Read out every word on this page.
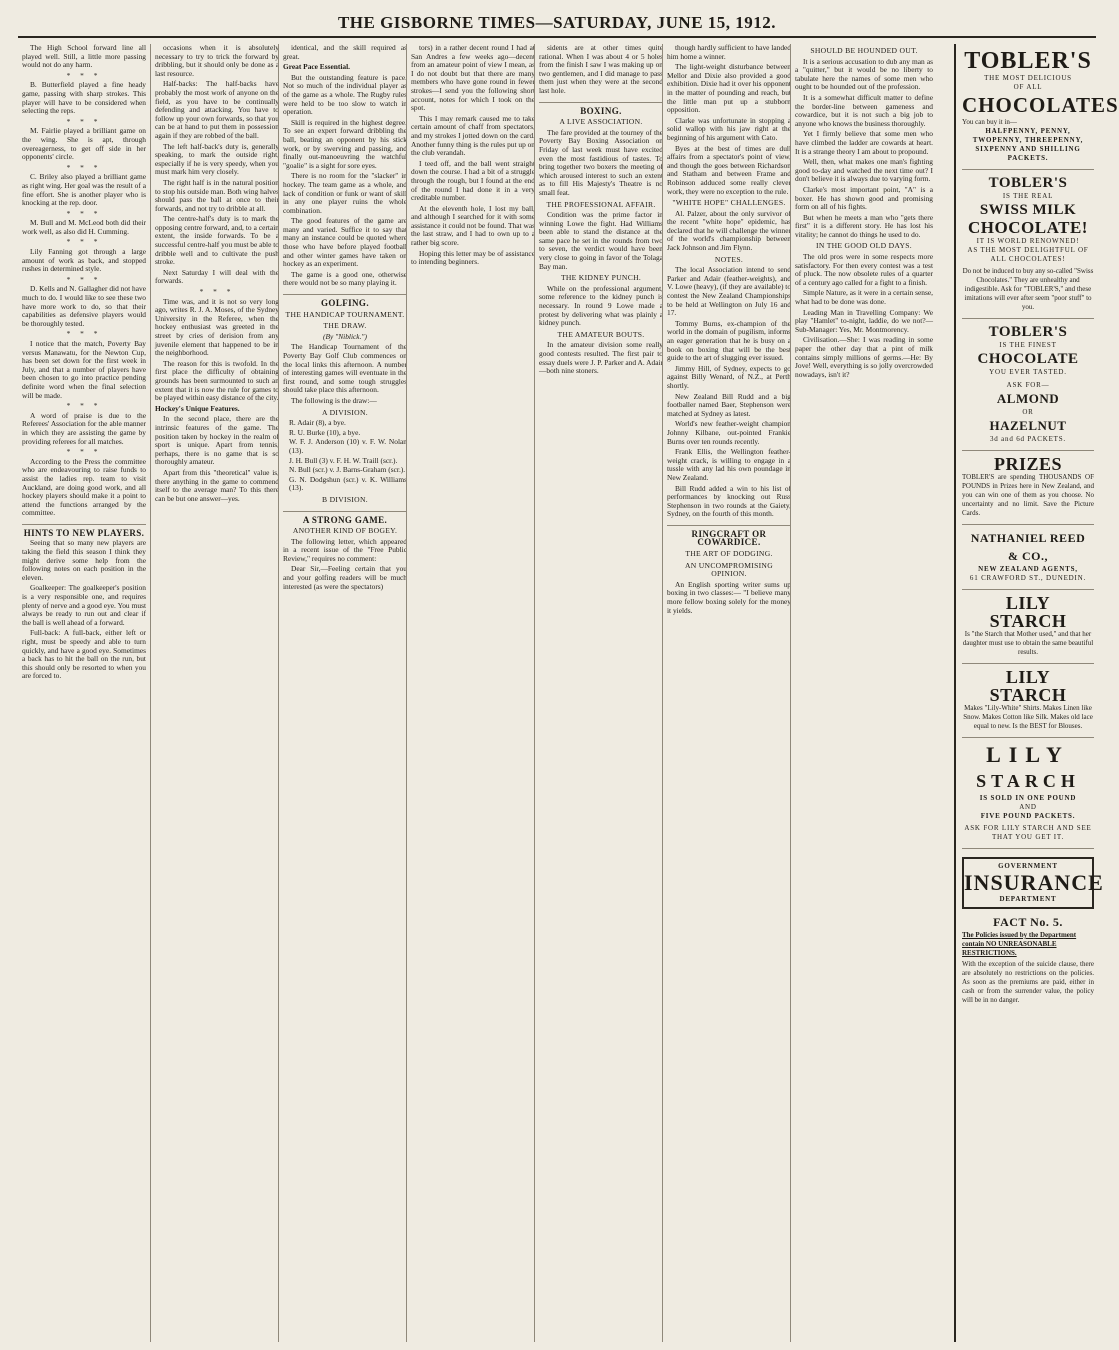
THE GISBORNE TIMES—SATURDAY, JUNE 15, 1912.

The High School forward line all played well. Still, a little more passing would not do any harm.

* * *

B. Butterfield played a fine heady game, passing with sharp strokes. This player will have to be considered when selecting the reps.

* * *

M. Fairlie played a brilliant game on the wing. She is apt, through overeagerness, to get off side in her opponents' circle.

* * *

C. Briley also played a brilliant game as right wing. Her goal was the result of a fine effort. She is another player who is knocking at the rep. door.

* * *

M. Bull and M. McLeod both did their work well, as also did H. Cumming.

* * *

Lily Fanning got through a large amount of work as back, and stopped rushes in determined style.

* * *

D. Kells and N. Gallagher did not have much to do. I would like to see these two have more work to do, so that their capabilities as defensive players would be thoroughly tested.

* * *

I notice that the match, Poverty Bay versus Manawatu, for the Newton Cup, has been set down for the first week in July, and that a number of players have been chosen to go into practice pending definite word when the final selection will be made.

* * *

A word of praise is due to the Referees' Association for the able manner in which they are assisting the game by providing referees for all matches.

* * *

According to the Press the committee who are endeavouring to raise funds to assist the ladies rep. team to visit Auckland, are doing good work, and all hockey players should make it a point to attend the functions arranged by the committee.

HINTS TO NEW PLAYERS.

Seeing that so many new players are taking the field this season I think they might derive some help from the following notes on each position in the eleven.

Goalkeeper: The goalkeeper's position is a very responsible one, and requires plenty of nerve and a good eye. You must always be ready to run out and clear if the ball is well ahead of a forward.

Full-back: A full-back, either left or right, must be speedy and able to turn quickly, and have a good eye. Sometimes a back has to hit the ball on the run, but this should only be resorted to when you are forced to.

occasions when it is absolutely necessary to try to trick the forward by dribbling, but it should only be done as a last resource.

Half-backs: The half-backs have probably the most work of anyone on the field, as you have to be continually defending and attacking. You have to follow up your own forwards, so that you can be at hand to put them in possession again if they are robbed of the ball.

The left half-back's duty is, generally speaking, to mark the outside right, especially if he is very speedy, when you must mark him very closely.

The right half is in the natural position to stop his outside man. Both wing halves should pass the ball at once to their forwards, and not try to dribble at all.

The centre-half's duty is to mark the opposing centre forward, and, to a certain extent, the inside forwards. To be a successful centre-half you must be able to dribble well and to cultivate the push stroke.

Next Saturday I will deal with the forwards.

* * *

Time was, and it is not so very long ago, writes R. J. A. Moses, of the Sydney University in the Referee, when the hockey enthusiast was greeted in the street by cries of derision from any juvenile element that happened to be in the neighborhood.

The reason for this is twofold. In the first place the difficulty of obtaining grounds has been surmounted to such an extent that it is now the rule for games to be played within easy distance of the city.

Hockey's Unique Features.

In the second place, there are the intrinsic features of the game. The position taken by hockey in the realm of sport is unique. Apart from tennis, perhaps, there is no game that is so thoroughly amateur.

Apart from this "theoretical" value is, there anything in the game to commend itself to the average man? To this there can be but one answer—yes.

identical, and the skill required as great.

Great Pace Essential.

But the outstanding feature is pace. Not so much of the individual player as of the game as a whole. The Rugby rules were held to be too slow to watch in operation.

Skill is required in the highest degree. To see an expert forward dribbling the ball, beating an opponent by his stick work, or by swerving and passing, and finally out-manoeuvring the watchful "goalie" is a sight for sore eyes.

There is no room for the "slacker" in hockey. The team game as a whole, and lack of condition or funk or want of skill in any one player ruins the whole combination.

The good features of the game are many and varied. Suffice it to say that many an instance could be quoted where those who have before played football and other winter games have taken on hockey as an experiment.

The game is a good one, otherwise there would not be so many playing it.

GOLFING.
THE HANDICAP TOURNAMENT.
THE DRAW.

(By "Niblick.")

The Handicap Tournament of the Poverty Bay Golf Club commences on the local links this afternoon. A number of interesting games will eventuate in the first round, and some tough struggles should take place this afternoon.

The following is the draw:—

A DIVISION.

R. Adair (8), a bye.

R. U. Burke (10), a bye.

W. F. J. Anderson (10) v. F. W. Nolan (13).

J. H. Bull (3) v. F. H. W. Traill (scr.).

N. Bull (scr.) v. J. Barns-Graham (scr.).

G. N. Dodgshun (scr.) v. K. Williams (13).

B DIVISION.
A STRONG GAME.
ANOTHER KIND OF BOGEY.

The following letter, which appeared in a recent issue of the "Free Public Review," requires no comment:

Dear Sir,—Feeling certain that you and your golfing readers will be much interested (as were the spectators)

tors) in a rather decent round I had at San Andres a few weeks ago—decent from an amateur point of view I mean, as I do not doubt but that there are many members who have gone round in fewer strokes—I send you the following short account, notes for which I took on the spot.

This I may remark caused me to take certain amount of chaff from spectators, and my strokes I jotted down on the card. Another funny thing is the rules put up on the club verandah.

I teed off, and the ball went straight down the course. I had a bit of a struggle through the rough, but I found at the end of the round I had done it in a very creditable number.

At the eleventh hole, I lost my ball, and although I searched for it with some assistance it could not be found. That was the last straw, and I had to own up to a rather big score.

Hoping this letter may be of assistance to intending beginners.

sidents are at other times quite rational. When I was about 4 or 5 holes from the finish I saw I was making up on two gentlemen, and I did manage to pass them just when they were at the second last hole.

BOXING.
A LIVE ASSOCIATION.

The fare provided at the tourney of the Poverty Bay Boxing Association on Friday of last week must have excited even the most fastidious of tastes. To bring together two boxers the meeting of which aroused interest to such an extent as to fill His Majesty's Theatre is no small feat.

THE PROFESSIONAL AFFAIR.

Condition was the prime factor in winning Lowe the fight. Had Williams been able to stand the distance at the same pace he set in the rounds from two to seven, the verdict would have been very close to going in favor of the Tolaga Bay man.

THE KIDNEY PUNCH.

While on the professional argument, some reference to the kidney punch is necessary. In round 9 Lowe made a protest by delivering what was plainly a kidney punch.

THE AMATEUR BOUTS.

In the amateur division some really good contests resulted. The first pair to essay duels were J. P. Parker and A. Adair—both nine stoners.

though hardly sufficient to have landed him home a winner.

The light-weight disturbance between Mellor and Dixie also provided a good exhibition. Dixie had it over his opponent in the matter of pounding and reach, but the little man put up a stubborn opposition.

Clarke was unfortunate in stopping a solid wallop with his jaw right at the beginning of his argument with Cato.

Byes at the best of times are dull affairs from a spectator's point of view, and though the goes between Richardson and Statham and between Frame and Robinson adduced some really clever work, they were no exception to the rule.

"WHITE HOPE" CHALLENGES.

Al. Palzer, about the only survivor of the recent "white hope" epidemic, has declared that he will challenge the winner of the world's championship between Jack Johnson and Jim Flynn.

NOTES.

The local Association intend to send Parker and Adair (feather-weights), and V. Lowe (heavy), (if they are available) to contest the New Zealand Championships to be held at Wellington on July 16 and 17.

Tommy Burns, ex-champion of the world in the domain of pugilism, informs an eager generation that he is busy on a book on boxing that will be the best guide to the art of slugging ever issued.

Jimmy Hill, of Sydney, expects to go against Billy Wenard, of N.Z., at Perth shortly.

New Zealand Bill Rudd and a big footballer named Baer, Stephenson were matched at Sydney as latest.

World's new feather-weight champion Johnny Kilbane, out-pointed Frankie Burns over ten rounds recently.

Frank Ellis, the Wellington feather-weight crack, is willing to engage in a tussle with any lad his own poundage in New Zealand.

Bill Rudd added a win to his list of performances by knocking out Russ Stephenson in two rounds at the Gaiety, Sydney, on the fourth of this month.

RINGCRAFT OR COWARDICE.
THE ART OF DODGING.
AN UNCOMPROMISING OPINION.

An English sporting writer sums up boxing in two classes:— "I believe many more fellow boxing solely for the money it yields.

SHOULD BE HOUNDED OUT.

It is a serious accusation to dub any man as a "quitter," but it would be no liberty to tabulate here the names of some men who ought to be hounded out of the profession.

It is a somewhat difficult matter to define the border-line between gameness and cowardice, but it is not such a big job to anyone who knows the business thoroughly.

Yet I firmly believe that some men who have climbed the ladder are cowards at heart. It is a strange theory I am about to propound.

Well, then, what makes one man's fighting good to-day and watched the next time out? I don't believe it is always due to varying form.

Clarke's most important point, "A" is a boxer. He has shown good and promising form on all of his fights.

But when he meets a man who "gets there first" it is a different story. He has lost his vitality; he cannot do things he used to do.

IN THE GOOD OLD DAYS.

The old pros were in some respects more satisfactory. For then every contest was a test of pluck. The now obsolete rules of a quarter of a century ago called for a fight to a finish.

Simple Nature, as it were in a certain sense, what had to be done was done.

Leading Man in Travelling Company: We play "Hamlet" to-night, laddie, do we not?—Sub-Manager: Yes, Mr. Montmorency.

Civilisation.—She: I was reading in some paper the other day that a pint of milk contains simply millions of germs.—He: By Jove! Well, everything is so jolly overcrowded nowadays, isn't it?

TOBLER'S
THE MOST DELICIOUS
OF ALL
CHOCOLATES
You can buy it in—
HALFPENNY, PENNY,
TWOPENNY, THREEPENNY,
SIXPENNY AND SHILLING
PACKETS.
TOBLER'S
IS THE REAL
SWISS MILK
CHOCOLATE!
IT IS WORLD RENOWNED!
AS THE MOST DELIGHTFUL OF
ALL CHOCOLATES!
Do not be induced to buy any so-called "Swiss Chocolates." They are unhealthy and indigestible. Ask for "TOBLER'S," and these imitations will ever after seem "poor stuff" to you.
TOBLER'S
IS THE FINEST
CHOCOLATE
YOU EVER TASTED.
ASK FOR—
ALMOND
OR
HAZELNUT
3d and 6d PACKETS.
PRIZES
TOBLER'S are spending THOUSANDS OF POUNDS in Prizes here in New Zealand, and you can win one of them as you choose. No uncertainty and no limit. Save the Picture Cards.
NATHANIEL REED
& CO.,
NEW ZEALAND AGENTS,
61 CRAWFORD ST., DUNEDIN.
LILY
STARCH
Is "the Starch that Mother used," and that her daughter must use to obtain the same beautiful results.
LILY
STARCH
Makes "Lily-White" Shirts. Makes Linen like Snow. Makes Cotton like Silk. Makes old lace equal to new. Is the BEST for Blouses.
LILY
STARCH
IS SOLD IN ONE POUND
AND
FIVE POUND PACKETS.
ASK FOR LILY STARCH AND SEE THAT YOU GET IT.
GOVERNMENT
INSURANCE
DEPARTMENT
FACT No. 5.
The Policies issued by the Department contain NO UNREASONABLE RESTRICTIONS.
With the exception of the suicide clause, there are absolutely no restrictions on the policies. As soon as the premiums are paid, either in cash or from the surrender value, the policy will be in no danger.
